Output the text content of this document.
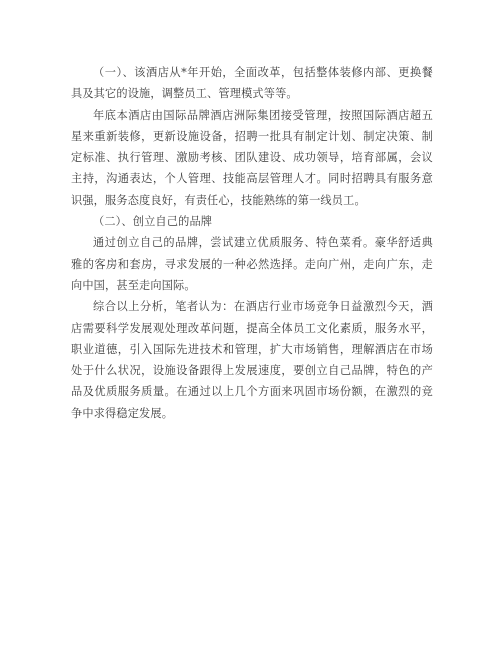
（一）、该酒店从*年开始，全面改革，包括整体装修内部、更换餐具及其它的设施，调整员工、管理模式等等。

年底本酒店由国际品牌酒店洲际集团接受管理，按照国际酒店超五星来重新装修，更新设施设备，招聘一批具有制定计划、制定决策、制定标准、执行管理、激励考核、团队建设、成功领导，培育部属，会议主持，沟通表达，个人管理、技能高层管理人才。同时招聘具有服务意识强，服务态度良好，有责任心，技能熟练的第一线员工。

（二）、创立自己的品牌

通过创立自己的品牌，尝试建立优质服务、特色菜肴。豪华舒适典雅的客房和套房，寻求发展的一种必然选择。走向广州，走向广东，走向中国，甚至走向国际。

综合以上分析，笔者认为：在酒店行业市场竞争日益激烈今天，酒店需要科学发展观处理改革问题，提高全体员工文化素质，服务水平，职业道德，引入国际先进技术和管理，扩大市场销售，理解酒店在市场处于什么状况，设施设备跟得上发展速度，要创立自己品牌，特色的产品及优质服务质量。在通过以上几个方面来巩固市场份额，在激烈的竞争中求得稳定发展。
